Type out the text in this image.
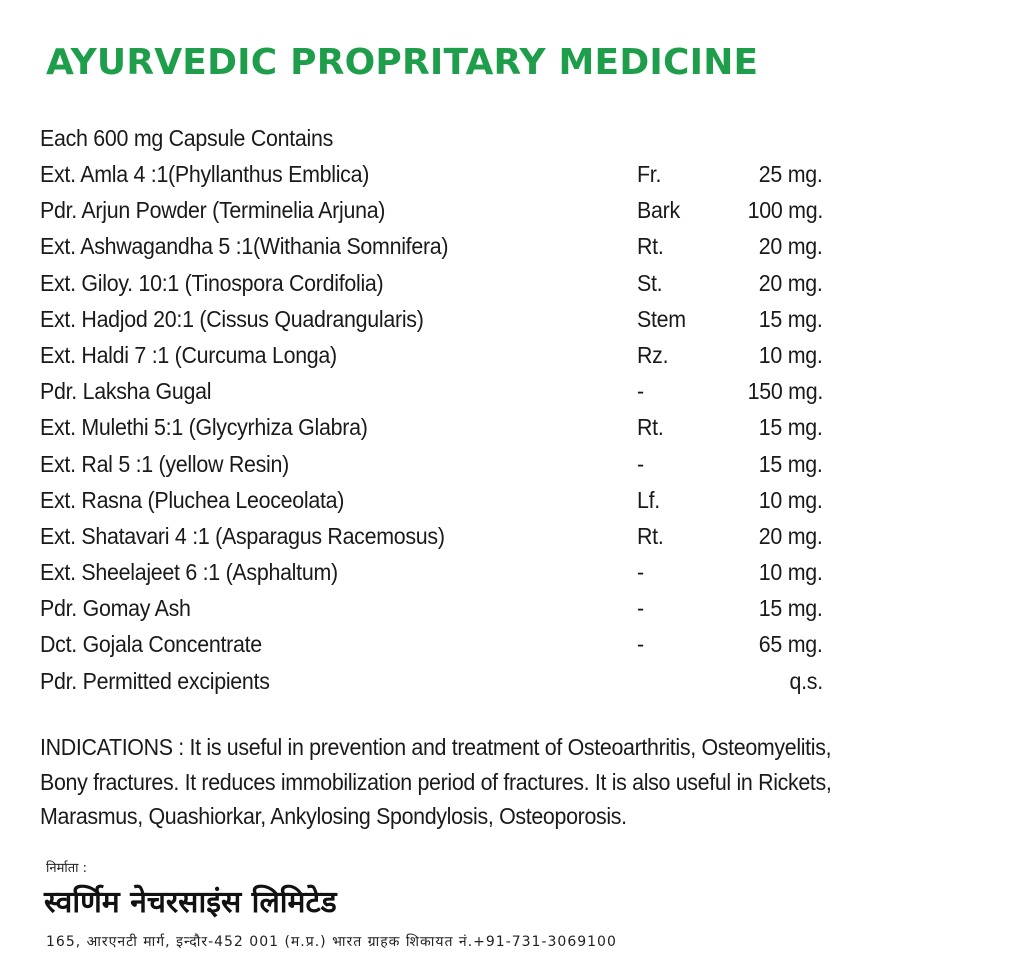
AYURVEDIC PROPRITARY MEDICINE
Each 600 mg Capsule Contains
Ext. Amla 4 :1(Phyllanthus Emblica)	Fr.	25 mg.
Pdr. Arjun Powder (Terminelia Arjuna)	Bark	100 mg.
Ext. Ashwagandha 5 :1(Withania Somnifera)	Rt.	20 mg.
Ext. Giloy. 10:1 (Tinospora Cordifolia)	St.	20 mg.
Ext. Hadjod 20:1 (Cissus Quadrangularis)	Stem	15 mg.
Ext. Haldi 7 :1 (Curcuma Longa)	Rz.	10 mg.
Pdr. Laksha Gugal	-	150 mg.
Ext. Mulethi 5:1 (Glycyrhiza Glabra)	Rt.	15 mg.
Ext. Ral 5 :1 (yellow Resin)	-	15 mg.
Ext. Rasna (Pluchea Leoceolata)	Lf.	10 mg.
Ext. Shatavari 4 :1 (Asparagus Racemosus)	Rt.	20 mg.
Ext. Sheelajeet 6 :1 (Asphaltum)	-	10 mg.
Pdr. Gomay Ash	-	15 mg.
Dct. Gojala Concentrate	-	65 mg.
Pdr. Permitted excipients	q.s.
INDICATIONS : It is useful in prevention and treatment of Osteoarthritis, Osteomyelitis,
Bony fractures. It reduces immobilization period of fractures. It is also useful in Rickets,
Marasmus, Quashiorkar, Ankylosing Spondylosis, Osteoporosis.
निर्माता :
स्वर्णिम नेचरसाइंस लिमिटेड
165, आरएनटी मार्ग, इन्दौर-452 001 (म.प्र.) भारत ग्राहक शिकायत नं.+91-731-3069100
